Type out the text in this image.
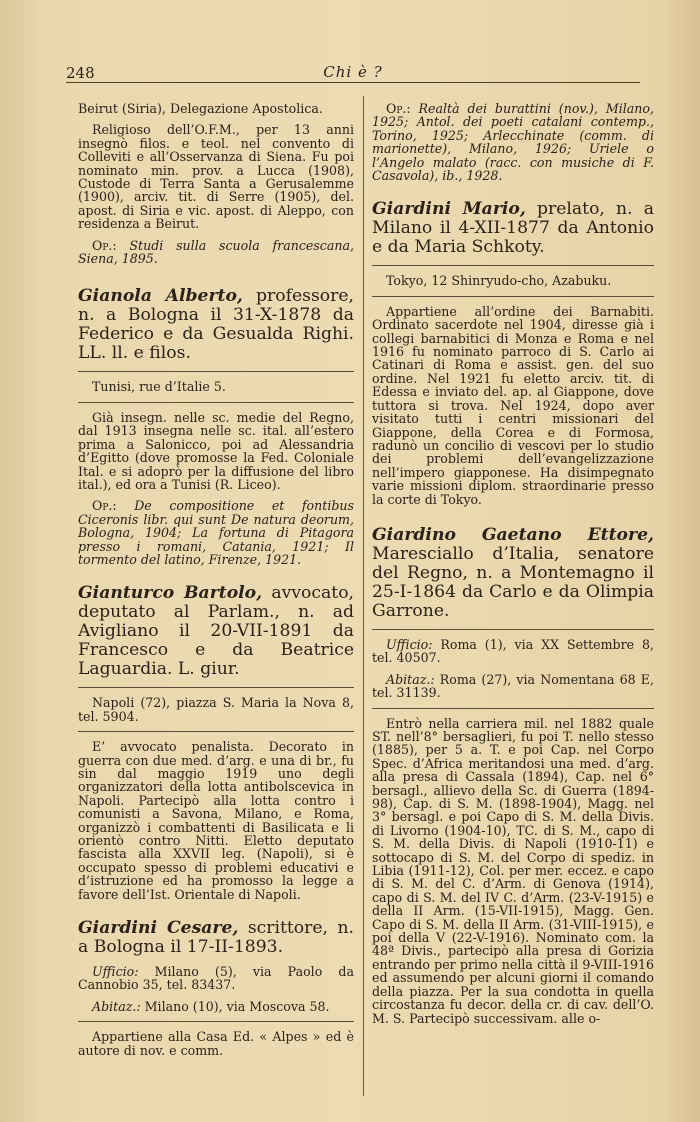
248	Chi è ?

Beirut (Siria), Delegazione Apostolica.

Religioso dell’O.F.M., per 13 anni insegnò filos. e teol. nel convento di Colleviti e all’Osservanza di Siena. Fu poi nominato min. prov. a Lucca (1908), Custode di Terra Santa a Gerusalemme (1900), arciv. tit. di Serre (1905), del. apost. di Siria e vic. apost. di Aleppo, con residenza a Beirut.

Op.: Studi sulla scuola francescana, Siena, 1895.

Gianola Alberto, professore, n. a Bologna il 31-X-1878 da Federico e da Gesualda Righi. LL. ll. e filos.

Tunisi, rue d’Italie 5.

Già insegn. nelle sc. medie del Regno, dal 1913 insegna nelle sc. ital. all’estero prima a Salonicco, poi ad Alessandria d’Egitto (dove promosse la Fed. Coloniale Ital. e si adoprò per la diffusione del libro ital.), ed ora a Tunisi (R. Liceo).

Op.: De compositione et fontibus Ciceronis libr. qui sunt De natura deorum, Bologna, 1904; La fortuna di Pitagora presso i romani, Catania, 1921; Il tormento del latino, Firenze, 1921.

Gianturco Bartolo, avvocato, deputato al Parlam., n. ad Avigliano il 20-VII-1891 da Francesco e da Beatrice Laguardia. L. giur.

Napoli (72), piazza S. Maria la Nova 8, tel. 5904.

E’ avvocato penalista. Decorato in guerra con due med. d’arg. e una di br., fu sin dal maggio 1919 uno degli organizzatori della lotta antibolscevica in Napoli. Partecipò alla lotta contro i comunisti a Savona, Milano, e Roma, organizzò i combattenti di Basilicata e li orientò contro Nitti. Eletto deputato fascista alla XXVII leg. (Napoli), si è occupato spesso di problemi educativi e d’istruzione ed ha promosso la legge a favore dell’Ist. Orientale di Napoli.

Giardini Cesare, scrittore, n. a Bologna il 17-II-1893.

Ufficio: Milano (5), via Paolo da Cannobio 35, tel. 83437.

Abitaz.: Milano (10), via Moscova 58.

Appartiene alla Casa Ed. « Alpes » ed è autore di nov. e comm.

Op.: Realtà dei burattini (nov.), Milano, 1925; Antol. dei poeti catalani contemp., Torino, 1925; Arlecchinate (comm. di marionette), Milano, 1926; Uriele o l’Angelo malato (racc. con musiche di F. Casavola), ib., 1928.

Giardini Mario, prelato, n. a Milano il 4-XII-1877 da Antonio e da Maria Schkoty.

Tokyo, 12 Shinryudo-cho, Azabuku.

Appartiene all’ordine dei Barnabiti. Ordinato sacerdote nel 1904, diresse già i collegi barnabitici di Monza e Roma e nel 1916 fu nominato parroco di S. Carlo ai Catinari di Roma e assist. gen. del suo ordine. Nel 1921 fu eletto arciv. tit. di Edessa e inviato del. ap. al Giappone, dove tuttora si trova. Nel 1924, dopo aver visitato tutti i centri missionari del Giappone, della Corea e di Formosa, radunò un concilio di vescovi per lo studio dei problemi dell’evangelizzazione nell’impero giapponese. Ha disimpegnato varie missioni diplom. straordinarie presso la corte di Tokyo.

Giardino Gaetano Ettore, Maresciallo d’Italia, senatore del Regno, n. a Montemagno il 25-I-1864 da Carlo e da Olimpia Garrone.

Ufficio: Roma (1), via XX Settembre 8, tel. 40507.

Abitaz.: Roma (27), via Nomentana 68 E, tel. 31139.

Entrò nella carriera mil. nel 1882 quale ST. nell’8° bersaglieri, fu poi T. nello stesso (1885), per 5 a. T. e poi Cap. nel Corpo Spec. d’Africa meritandosi una med. d’arg. alla presa di Cassala (1894), Cap. nel 6° bersagl., allievo della Sc. di Guerra (1894-98), Cap. di S. M. (1898-1904), Magg. nel 3° bersagl. e poi Capo di S. M. della Divis. di Livorno (1904-10), TC. di S. M., capo di S. M. della Divis. di Napoli (1910-11) e sottocapo di S. M. del Corpo di spediz. in Libia (1911-12), Col. per mer. eccez. e capo di S. M. del C. d’Arm. di Genova (1914), capo di S. M. del IV C. d’Arm. (23-V-1915) e della II Arm. (15-VII-1915), Magg. Gen. Capo di S. M. della II Arm. (31-VIII-1915), e poi della V (22-V-1916). Nominato com. la 48ª Divis., partecipò alla presa di Gorizia entrando per primo nella città il 9-VIII-1916 ed assumendo per alcuni giorni il comando della piazza. Per la sua condotta in quella circostanza fu decor. della cr. di cav. dell’O. M. S. Partecipò successivam. alle o-
